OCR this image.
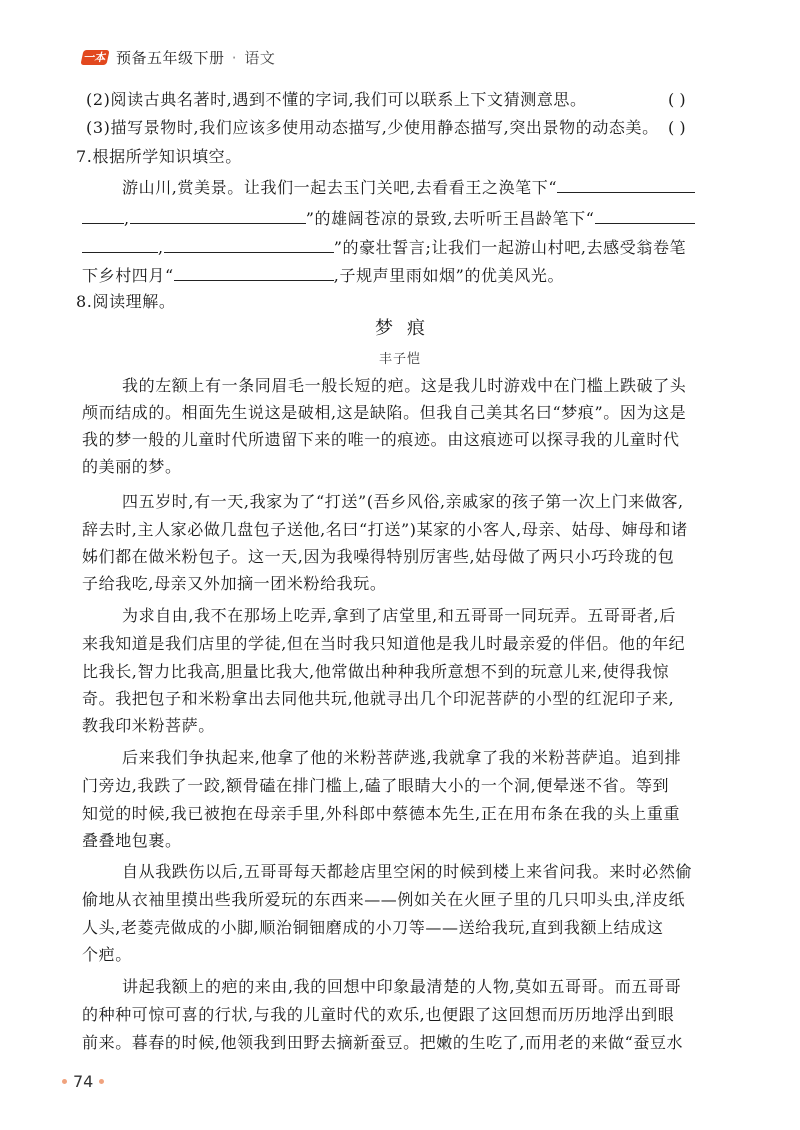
一本 预备五年级下册 · 语文
(2)阅读古典名著时,遇到不懂的字词,我们可以联系上下文猜测意思。	( )
(3)描写景物时,我们应该多使用动态描写,少使用静态描写,突出景物的动态美。 ( )
7.根据所学知识填空。
游山川,赏美景。让我们一起去玉门关吧,去看看王之涣笔下“
,	”的雄阔苍凉的景致,去听听王昌龄笔下“
,	”的豪壮誓言;让我们一起游山村吧,去感受翁卷笔
下乡村四月“	,子规声里雨如烟”的优美风光。
8.阅读理解。
梦痕
丰子恺
我的左额上有一条同眉毛一般长短的疤。这是我儿时游戏中在门槛上跌破了头
颅而结成的。相面先生说这是破相,这是缺陷。但我自己美其名曰“梦痕”。因为这是
我的梦一般的儿童时代所遗留下来的唯一的痕迹。由这痕迹可以探寻我的儿童时代
的美丽的梦。
四五岁时,有一天,我家为了“打送”(吾乡风俗,亲戚家的孩子第一次上门来做客,
辞去时,主人家必做几盘包子送他,名曰“打送”)某家的小客人,母亲、姑母、婶母和诸
姊们都在做米粉包子。这一天,因为我噪得特别厉害些,姑母做了两只小巧玲珑的包
子给我吃,母亲又外加摘一团米粉给我玩。
为求自由,我不在那场上吃弄,拿到了店堂里,和五哥哥一同玩弄。五哥哥者,后
来我知道是我们店里的学徒,但在当时我只知道他是我儿时最亲爱的伴侣。他的年纪
比我长,智力比我高,胆量比我大,他常做出种种我所意想不到的玩意儿来,使得我惊
奇。我把包子和米粉拿出去同他共玩,他就寻出几个印泥菩萨的小型的红泥印子来,
教我印米粉菩萨。
后来我们争执起来,他拿了他的米粉菩萨逃,我就拿了我的米粉菩萨追。追到排
门旁边,我跌了一跤,额骨磕在排门槛上,磕了眼睛大小的一个洞,便晕迷不省。等到
知觉的时候,我已被抱在母亲手里,外科郎中蔡德本先生,正在用布条在我的头上重重
叠叠地包裹。
自从我跌伤以后,五哥哥每天都趁店里空闲的时候到楼上来省问我。来时必然偷
偷地从衣袖里摸出些我所爱玩的东西来——例如关在火匣子里的几只叩头虫,洋皮纸
人头,老菱壳做成的小脚,顺治铜钿磨成的小刀等——送给我玩,直到我额上结成这
个疤。
讲起我额上的疤的来由,我的回想中印象最清楚的人物,莫如五哥哥。而五哥哥
的种种可惊可喜的行状,与我的儿童时代的欢乐,也便跟了这回想而历历地浮出到眼
前来。暮春的时候,他领我到田野去摘新蚕豆。把嫩的生吃了,而用老的来做“蚕豆水
74
